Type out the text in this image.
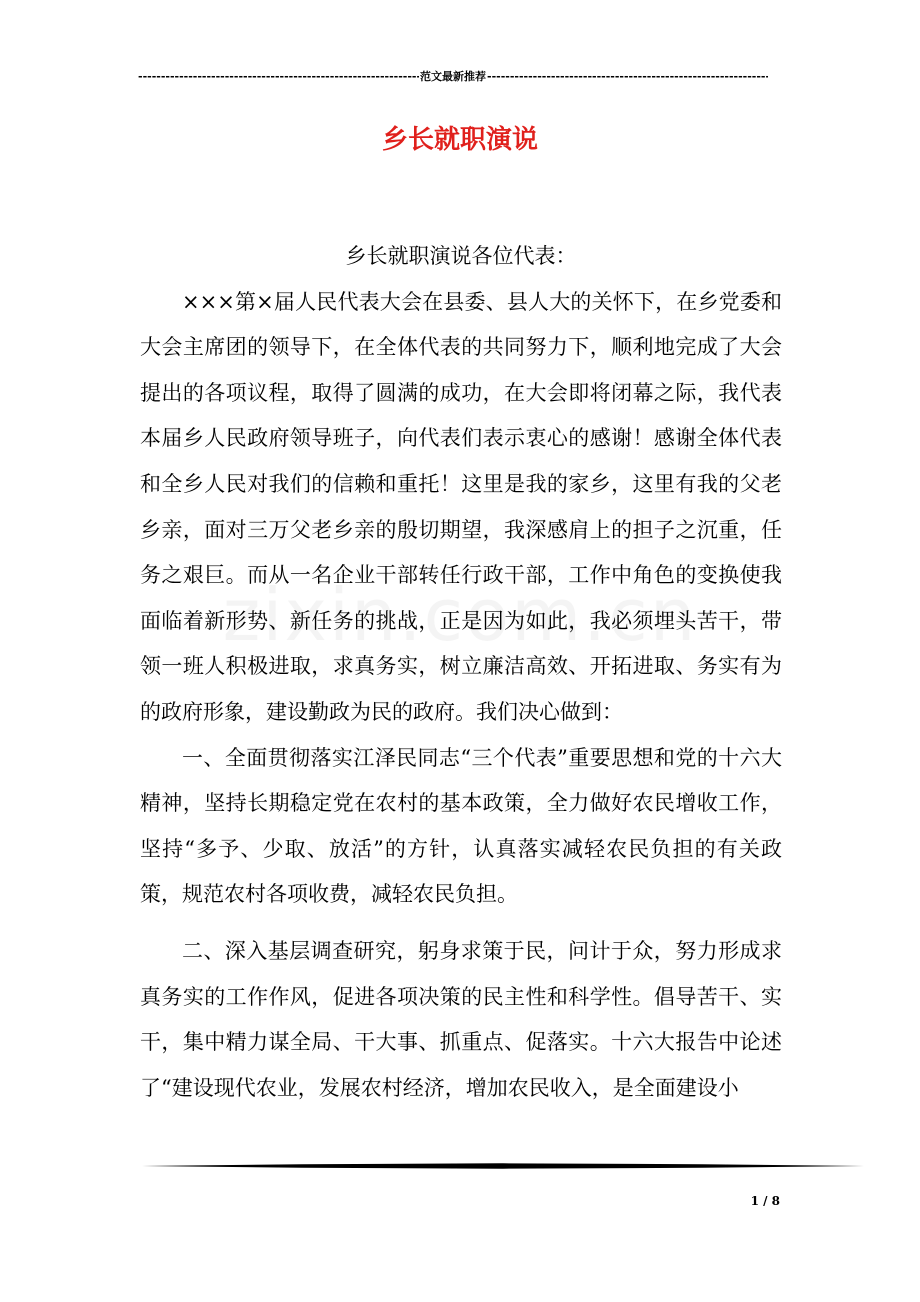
-----
范文最新推荐
-----
乡长就职演说

乡长就职演说各位代表：

×××第×届人民代表大会在县委、县人大的关怀下，在乡党委和大会主席团的领导下，在全体代表的共同努力下，顺利地完成了大会提出的各项议程，取得了圆满的成功，在大会即将闭幕之际，我代表本届乡人民政府领导班子，向代表们表示衷心的感谢！感谢全体代表和全乡人民对我们的信赖和重托！这里是我的家乡，这里有我的父老乡亲，面对三万父老乡亲的殷切期望，我深感肩上的担子之沉重，任务之艰巨。而从一名企业干部转任行政干部，工作中角色的变换使我面临着新形势、新任务的挑战，正是因为如此，我必须埋头苦干，带领一班人积极进取，求真务实，树立廉洁高效、开拓进取、务实有为的政府形象，建设勤政为民的政府。我们决心做到：

一、全面贯彻落实江泽民同志“三个代表”重要思想和党的十六大精神，坚持长期稳定党在农村的基本政策，全力做好农民增收工作，坚持“多予、少取、放活”的方针，认真落实减轻农民负担的有关政策，规范农村各项收费，减轻农民负担。

二、深入基层调查研究，躬身求策于民，问计于众，努力形成求真务实的工作作风，促进各项决策的民主性和科学性。倡导苦干、实干，集中精力谋全局、干大事、抓重点、促落实。十六大报告中论述了“建设现代农业，发展农村经济，增加农民收入，是全面建设小

1 / 8
